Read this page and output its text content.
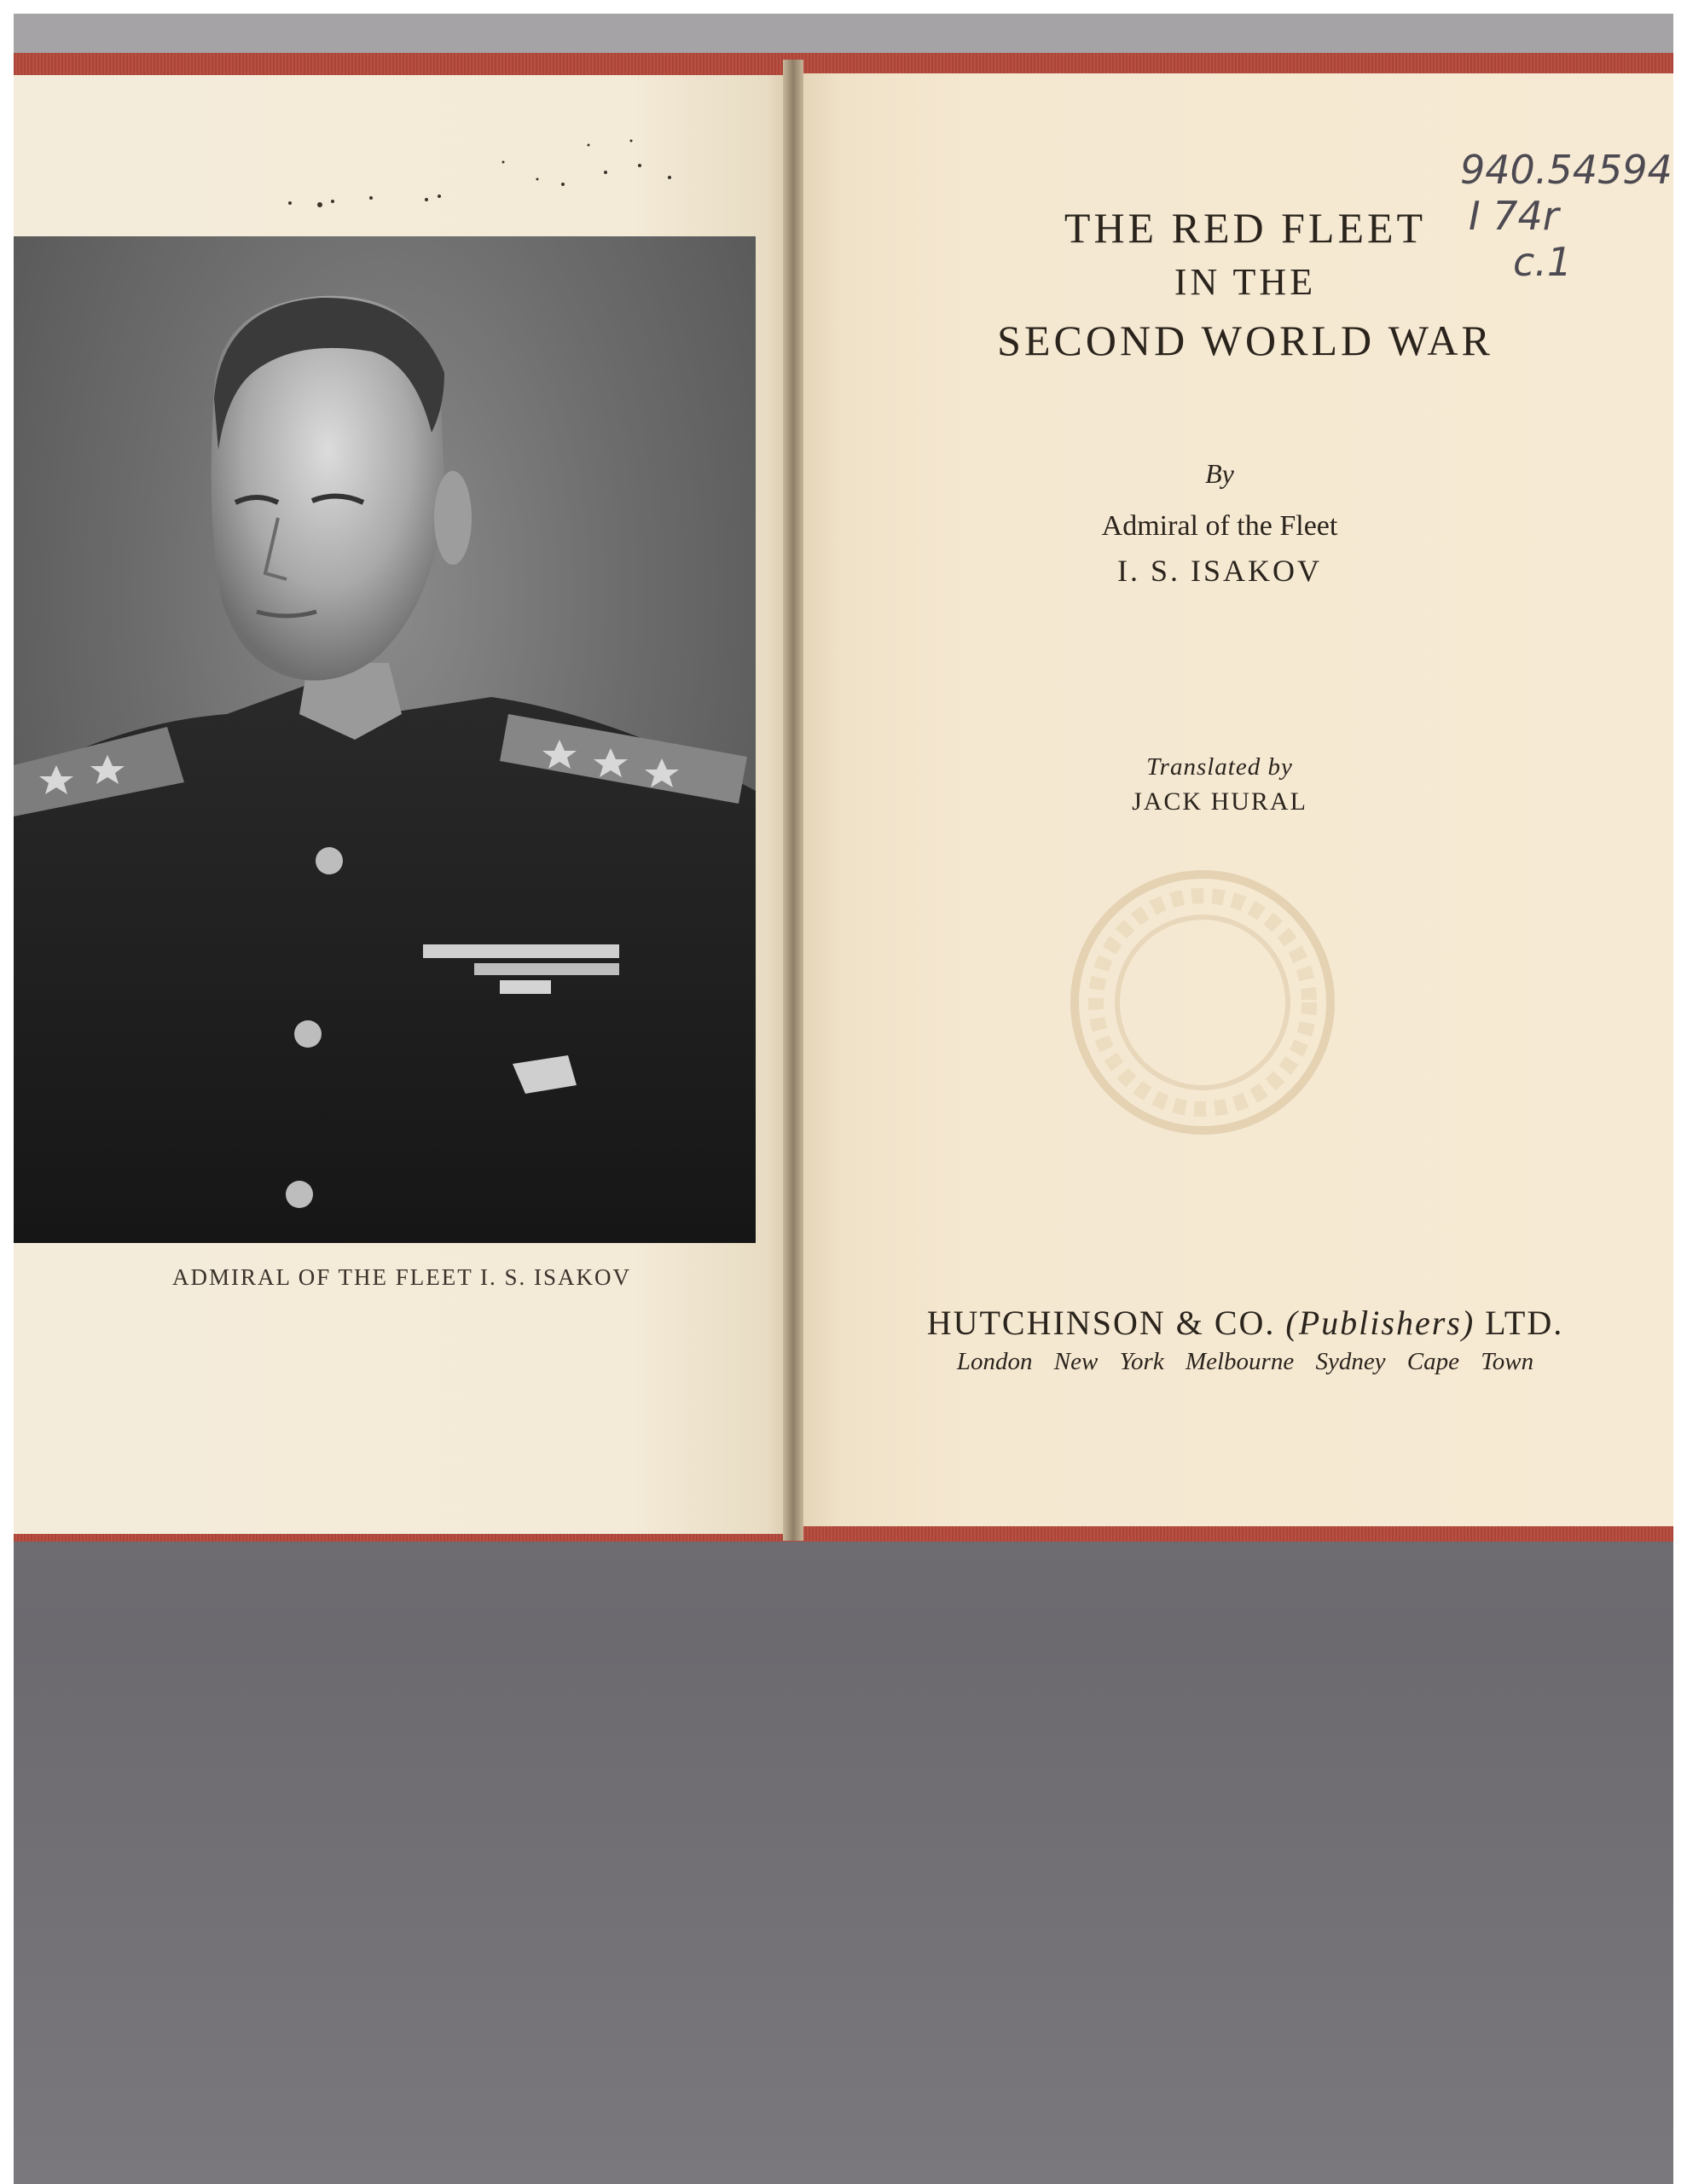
ADMIRAL OF THE FLEET I. S. ISAKOV
THE RED FLEET
IN THE
SECOND WORLD WAR
By
Admiral of the Fleet
I. S. ISAKOV
Translated by
JACK HURAL
HUTCHINSON & CO. (Publishers) LTD.
London New York Melbourne Sydney Cape Town
940.54594
I 74r
c.1
